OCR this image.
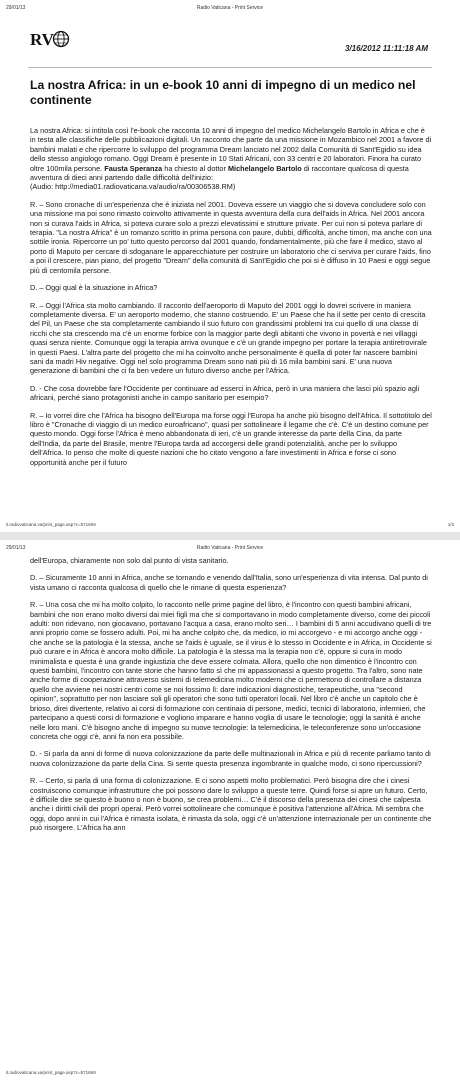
29/01/13	Radio Vaticana - Print Service
RV	3/16/2012 11:11:18 AM
La nostra Africa: in un e-book 10 anni di impegno di un medico nel continente

La nostra Africa: si intitola così l'e-book che racconta 10 anni di impegno del medico Michelangelo Bartolo in Africa e che è in testa alle classifiche delle pubblicazioni digitali. Un racconto che parte da una missione in Mozambico nel 2001 a favore di bambini malati e che ripercorre lo sviluppo del programma Dream lanciato nel 2002 dalla Comunità di Sant'Egidio su idea dello stesso angiologo romano. Oggi Dream è presente in 10 Stati Africani, con 33 centri e 20 laboratori. Finora ha curato oltre 100mila persone. Fausta Speranza ha chiesto al dottor Michelangelo Bartolo di raccontare qualcosa di questa avventura di dieci anni partendo dalle difficoltà dell'inizio:
(Audio: http://media01.radiovaticana.va/audio/ra/00306538.RM)

R. – Sono cronache di un'esperienza che è iniziata nel 2001. Doveva essere un viaggio che si doveva concludere solo con una missione ma poi sono rimasto coinvolto attivamente in questa avventura della cura dell'aids in Africa. Nel 2001 ancora non si curava l'aids in Africa, si poteva curare solo a prezzi elevatissimi e strutture private. Per cui non si poteva parlare di terapia. "La nostra Africa" è un romanzo scritto in prima persona con paure, dubbi, difficoltà, anche timori, ma anche con una sottile ironia. Ripercorre un po' tutto questo percorso dal 2001 quando, fondamentalmente, più che fare il medico, stavo al porto di Maputo per cercare di sdoganare le apparecchiature per costruire un laboratorio che ci serviva per curare l'aids, fino a poi il crescere, pian piano, del progetto "Dream" della comunità di Sant'Egidio che poi si è diffuso in 10 Paesi e oggi segue più di centomila persone.

D. – Oggi qual è la situazione in Africa?

R. – Oggi l'Africa sta molto cambiando. Il racconto dell'aeroporto di Maputo del 2001 oggi lo dovrei scrivere in maniera completamente diversa. E' un aeroporto moderno, che stanno costruendo. E' un Paese che ha il sette per cento di crescita del Pil, un Paese che sta completamente cambiando il suo futuro con grandissimi problemi tra cui quello di una classe di ricchi che sta crescendo ma c'è un enorme forbice con la maggior parte degli abitanti che vivono in povertà e nei villaggi quasi senza niente. Comunque oggi la terapia arriva ovunque e c'è un grande impegno per portare la terapia antiretrovirale in questi Paesi. L'altra parte del progetto che mi ha coinvolto anche personalmente è quella di poter far nascere bambini sani da madri Hiv negative. Oggi nel solo programma Dream sono nati più di 16 mila bambini sani. E' una nuova generazione di bambini che ci fa ben vedere un futuro diverso anche per l'Africa.

D. - Che cosa dovrebbe fare l'Occidente per continuare ad esserci in Africa, però in una maniera che lasci più spazio agli africani, perché siano protagonisti anche in campo sanitario per esempio?

R. – Io vorrei dire che l'Africa ha bisogno dell'Europa ma forse oggi l'Europa ha anche più bisogno dell'Africa. Il sottotitolo del libro è "Cronache di viaggio di un medico euroafricano", quasi per sottolineare il legame che c'è. C'è un destino comune per questo mondo. Oggi forse l'Africa è meno abbandonata di ieri, c'è un grande interesse da parte della Cina, da parte dell'India, da parte del Brasile, mentre l'Europa tarda ad accorgersi delle grandi potenzialità, anche per lo sviluppo dell'Africa. Io penso che molte di queste nazioni che ho citato vengono a fare investimenti in Africa e forse ci sono opportunità anche per il futuro

it.radiovaticana.va/print_page.asp?c=571669	1/3
29/01/13	Radio Vaticana - Print Service

dell'Europa, chiaramente non solo dal punto di vista sanitario.

D. – Sicuramente 10 anni in Africa, anche se tornando e venendo dall'Italia, sono un'esperienza di vita intensa. Dal punto di vista umano ci racconta qualcosa di quello che le rimane di questa esperienza?

R. – Una cosa che mi ha molto colpito, lo racconto nelle prime pagine del libro, è l'incontro con questi bambini africani, bambini che non erano molto diversi dai miei figli ma che si comportavano in modo completamente diverso, come dei piccoli adulti: non ridevano, non giocavano, portavano l'acqua a casa, erano molto seri… I bambini di 5 anni accudivano quelli di tre anni proprio come se fossero adulti. Poi, mi ha anche colpito che, da medico, io mi accorgevo - e mi accorgo anche oggi - che anche se la patologia è la stessa, anche se l'aids è uguale, se il virus è lo stesso in Occidente e in Africa, in Occidente si può curare e in Africa è ancora molto difficile. La patologia è la stessa ma la terapia non c'è, oppure si cura in modo minimalista e questa è una grande ingiustizia che deve essere colmata. Allora, quello che non dimentico è l'incontro con questi bambini, l'incontro con tante storie che hanno fatto sì che mi appassionassi a questo progetto. Tra l'altro, sono nate anche forme di cooperazione attraverso sistemi di telemedicina molto moderni che ci permettono di controllare a distanza quello che avviene nei nostri centri come se noi fossimo lì: dare indicazioni diagnostiche, terapeutiche, una "second opinion", soprattutto per non lasciare soli gli operatori che sono tutti operatori locali. Nel libro c'è anche un capitolo che è brioso, direi divertente, relativo ai corsi di formazione con centinaia di persone, medici, tecnici di laboratorio, infermieri, che partecipano a questi corsi di formazione e vogliono imparare e hanno voglia di usare le tecnologie; oggi la sanità è anche nelle loro mani. C'è bisogno anche di impegno su nuove tecnologie: la telemedicina, le teleconferenze sono un'occasione concreta che oggi c'è, anni fa non era possibile.

D. - Si parla da anni di forme di nuova colonizzazione da parte delle multinazionali in Africa e più di recente parliamo tanto di nuova colonizzazione da parte della Cina. Si sente questa presenza ingombrante in qualche modo, ci sono ripercussioni?

R. – Certo, si parla di una forma di colonizzazione. E ci sono aspetti molto problematici. Però bisogna dire che i cinesi costruiscono comunque infrastrutture che poi possono dare lo sviluppo a queste terre. Quindi forse si apre un futuro. Certo, è difficile dire se questo è buono o non è buono, se crea problemi… C'è il discorso della presenza dei cinesi che calpesta anche i diritti civili dei propri operai. Però vorrei sottolineare che comunque è positiva l'attenzione all'Africa. Mi sembra che oggi, dopo anni in cui l'Africa è rimasta isolata, è rimasta da sola, oggi c'è un'attenzione internazionale per un continente che può risorgere. L'Africa ha ann

it.radiovaticana.va/print_page.asp?c=571669
